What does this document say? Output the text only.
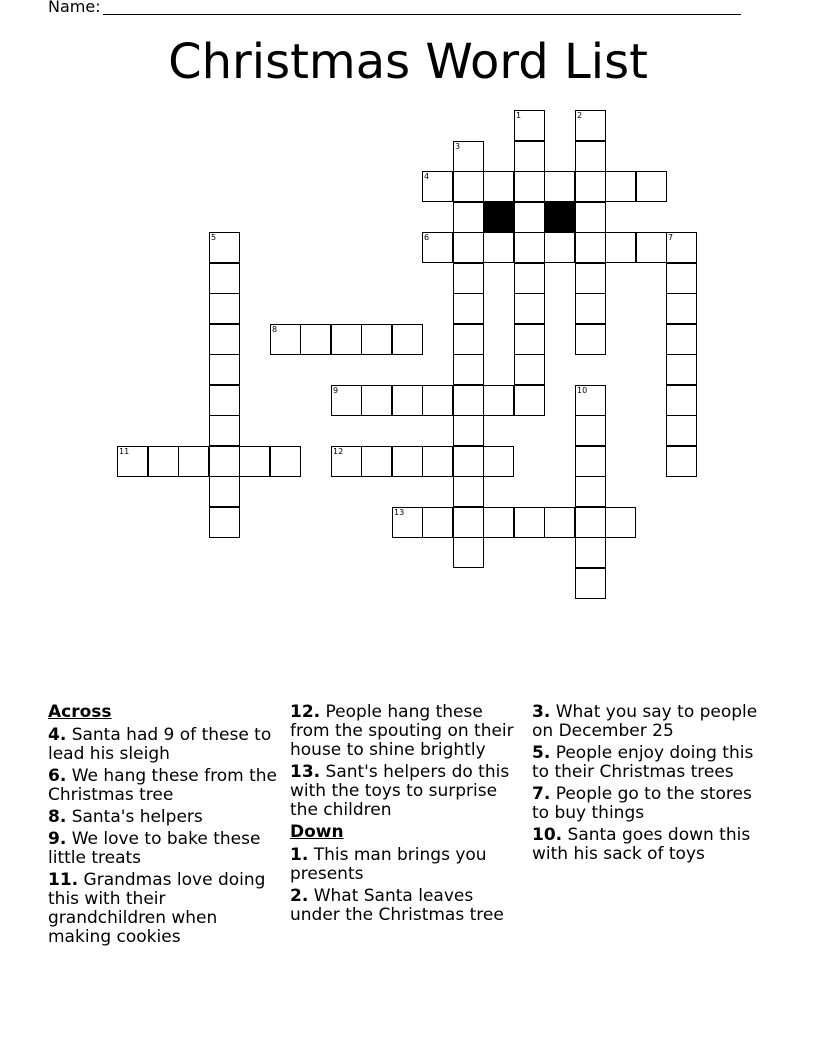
Name:
Christmas Word List
1	2
3
4
5	6	7
8
9	10
11	12
13
Across
4. Santa had 9 of these to lead his sleigh
6. We hang these from the Christmas tree
8. Santa's helpers
9. We love to bake these little treats
11. Grandmas love doing this with their grandchildren when making cookies
12. People hang these from the spouting on their house to shine brightly
13. Sant's helpers do this with the toys to surprise the children
Down
1. This man brings you presents
2. What Santa leaves under the Christmas tree
3. What you say to people on December 25
5. People enjoy doing this to their Christmas trees
7. People go to the stores to buy things
10. Santa goes down this with his sack of toys
